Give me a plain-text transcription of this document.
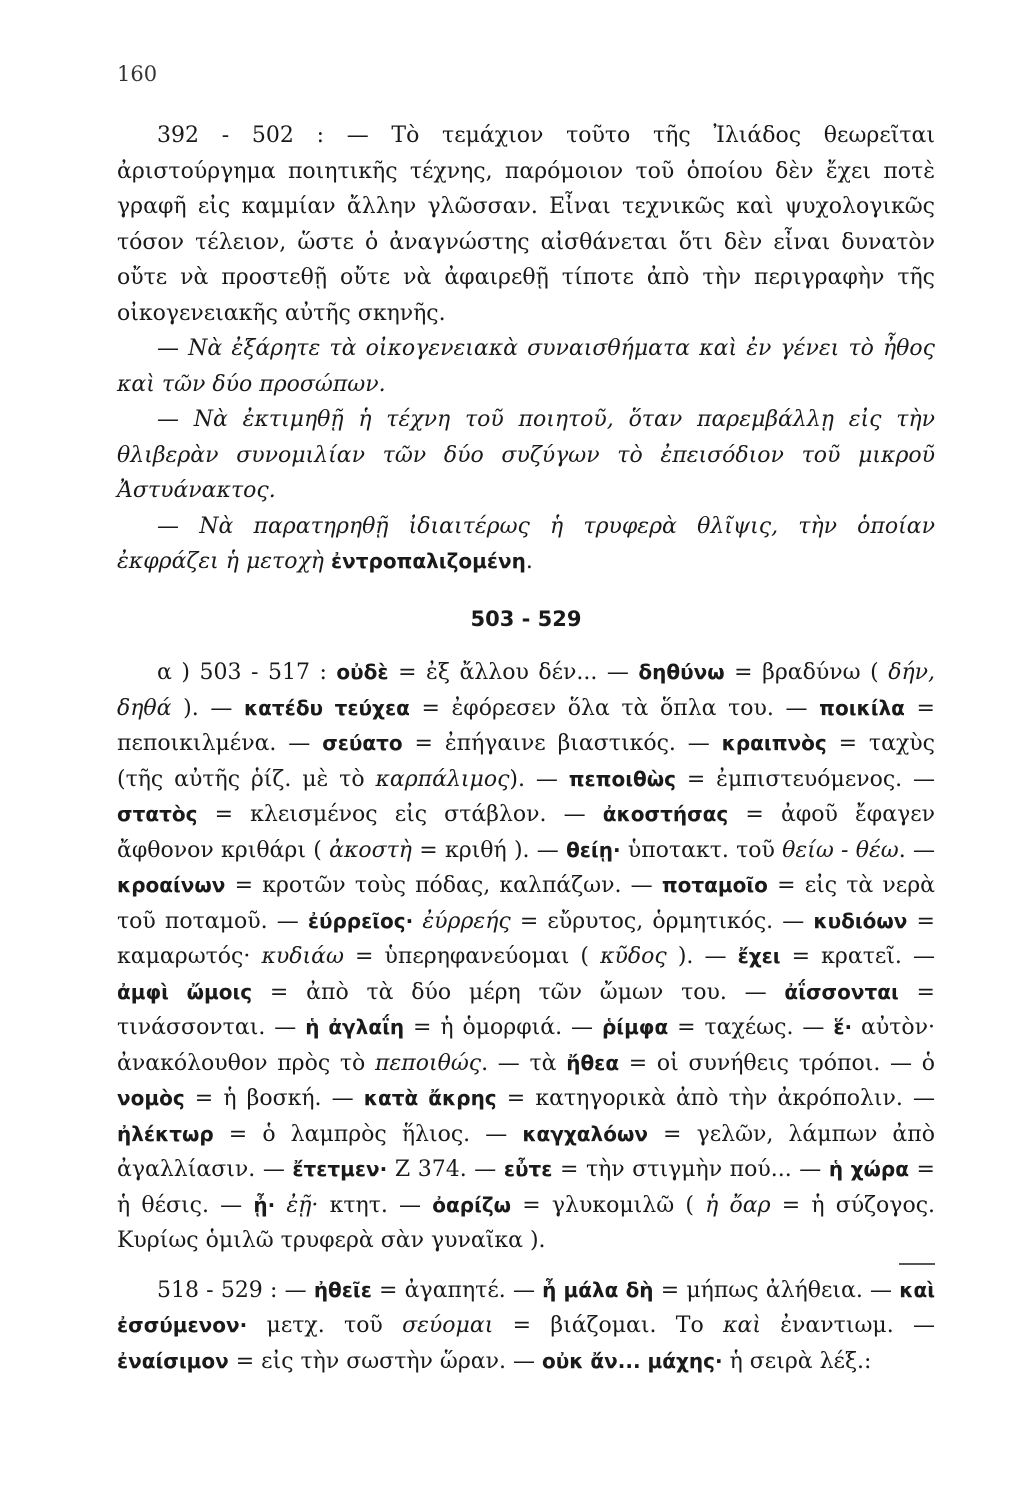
160

392 - 502 : — Τὸ τεμάχιον τοῦτο τῆς Ἰλιάδος θεωρεῖται ἀριστούργημα ποιητικῆς τέχνης, παρόμοιον τοῦ ὁποίου δὲν ἔχει ποτὲ γραφῆ εἰς καμμίαν ἄλλην γλῶσσαν. Εἶναι τεχνικῶς καὶ ψυχολογικῶς τόσον τέλειον, ὥστε ὁ ἀναγνώστης αἰσθάνεται ὅτι δὲν εἶναι δυνατὸν οὔτε νὰ προστεθῇ οὔτε νὰ ἀφαιρεθῇ τίποτε ἀπὸ τὴν περιγραφὴν τῆς οἰκογενειακῆς αὐτῆς σκηνῆς.

— Νὰ ἐξάρητε τὰ οἰκογενειακὰ συναισθήματα καὶ ἐν γένει τὸ ἦθος καὶ τῶν δύο προσώπων.

— Νὰ ἐκτιμηθῇ ἡ τέχνη τοῦ ποιητοῦ, ὅταν παρεμβάλλῃ εἰς τὴν θλιβερὰν συνομιλίαν τῶν δύο συζύγων τὸ ἐπεισόδιον τοῦ μικροῦ Ἀστυάνακτος.

— Νὰ παρατηρηθῇ ἰδιαιτέρως ἡ τρυφερὰ θλῖψις, τὴν ὁποίαν ἐκφράζει ἡ μετοχὴ ἐντροπαλιζομένη.

503 - 529

α ) 503 - 517 : οὐδὲ = ἐξ ἄλλου δέν... — δηθύνω = βραδύνω ( δήν, δηθά ). — κατέδυ τεύχεα = ἐφόρεσεν ὅλα τὰ ὅπλα του. — ποικίλα = πεποικιλμένα. — σεύατο = ἐπήγαινε βιαστικός. — κραιπνὸς = ταχὺς (τῆς αὐτῆς ῥίζ. μὲ τὸ καρπάλιμος). — πεποιθὼς = ἐμπιστευόμενος. — στατὸς = κλεισμένος εἰς στάβλον. — ἀκοστήσας = ἀφοῦ ἔφαγεν ἄφθονον κριθάρι ( ἀκοστὴ = κριθή ). — θείῃ· ὑποτακτ. τοῦ θείω - θέω. — κροαίνων = κροτῶν τοὺς πόδας, καλπάζων. — ποταμοῖο = εἰς τὰ νερὰ τοῦ ποταμοῦ. — ἐύρρεῖος· ἐύρρεής = εὔρυτος, ὁρμητικός. — κυδιόων = καμαρωτός· κυδιάω = ὑπερηφανεύομαι ( κῦδος ). — ἔχει = κρατεῖ. — ἀμφὶ ὤμοις = ἀπὸ τὰ δύο μέρη τῶν ὤμων του. — ἀΐσσονται = τινάσσονται. — ἡ ἀγλαΐη = ἡ ὁμορφιά. — ῥίμφα = ταχέως. — ἕ· αὐτὸν· ἀνακόλουθον πρὸς τὸ πεποιθώς. — τὰ ἤθεα = οἱ συνήθεις τρόποι. — ὁ νομὸς = ἡ βοσκή. — κατὰ ἄκρης = κατηγορικὰ ἀπὸ τὴν ἀκρόπολιν. — ἠλέκτωρ = ὁ λαμπρὸς ἥλιος. — καγχαλόων = γελῶν, λάμπων ἀπὸ ἀγαλλίασιν. — ἔτετμεν· Ζ 374. — εὖτε = τὴν στιγμὴν πού... — ἡ χώρα = ἡ θέσις. — ᾖ· ἐῇ· κτητ. — ὀαρίζω = γλυκομιλῶ ( ἡ ὄαρ = ἡ σύζογος. Κυρίως ὁμιλῶ τρυφερὰ σὰν γυναῖκα ).

518 - 529 : — ἠθεῖε = ἀγαπητέ. — ἦ μάλα δὴ = μήπως ἀλήθεια. — καὶ ἐσσύμενον· μετχ. τοῦ σεύομαι = βιάζομαι. Το καὶ ἐναντιωμ. — ἐναίσιμον = εἰς τὴν σωστὴν ὥραν. — οὐκ ἄν... μάχης· ἡ σειρὰ λέξ.:
